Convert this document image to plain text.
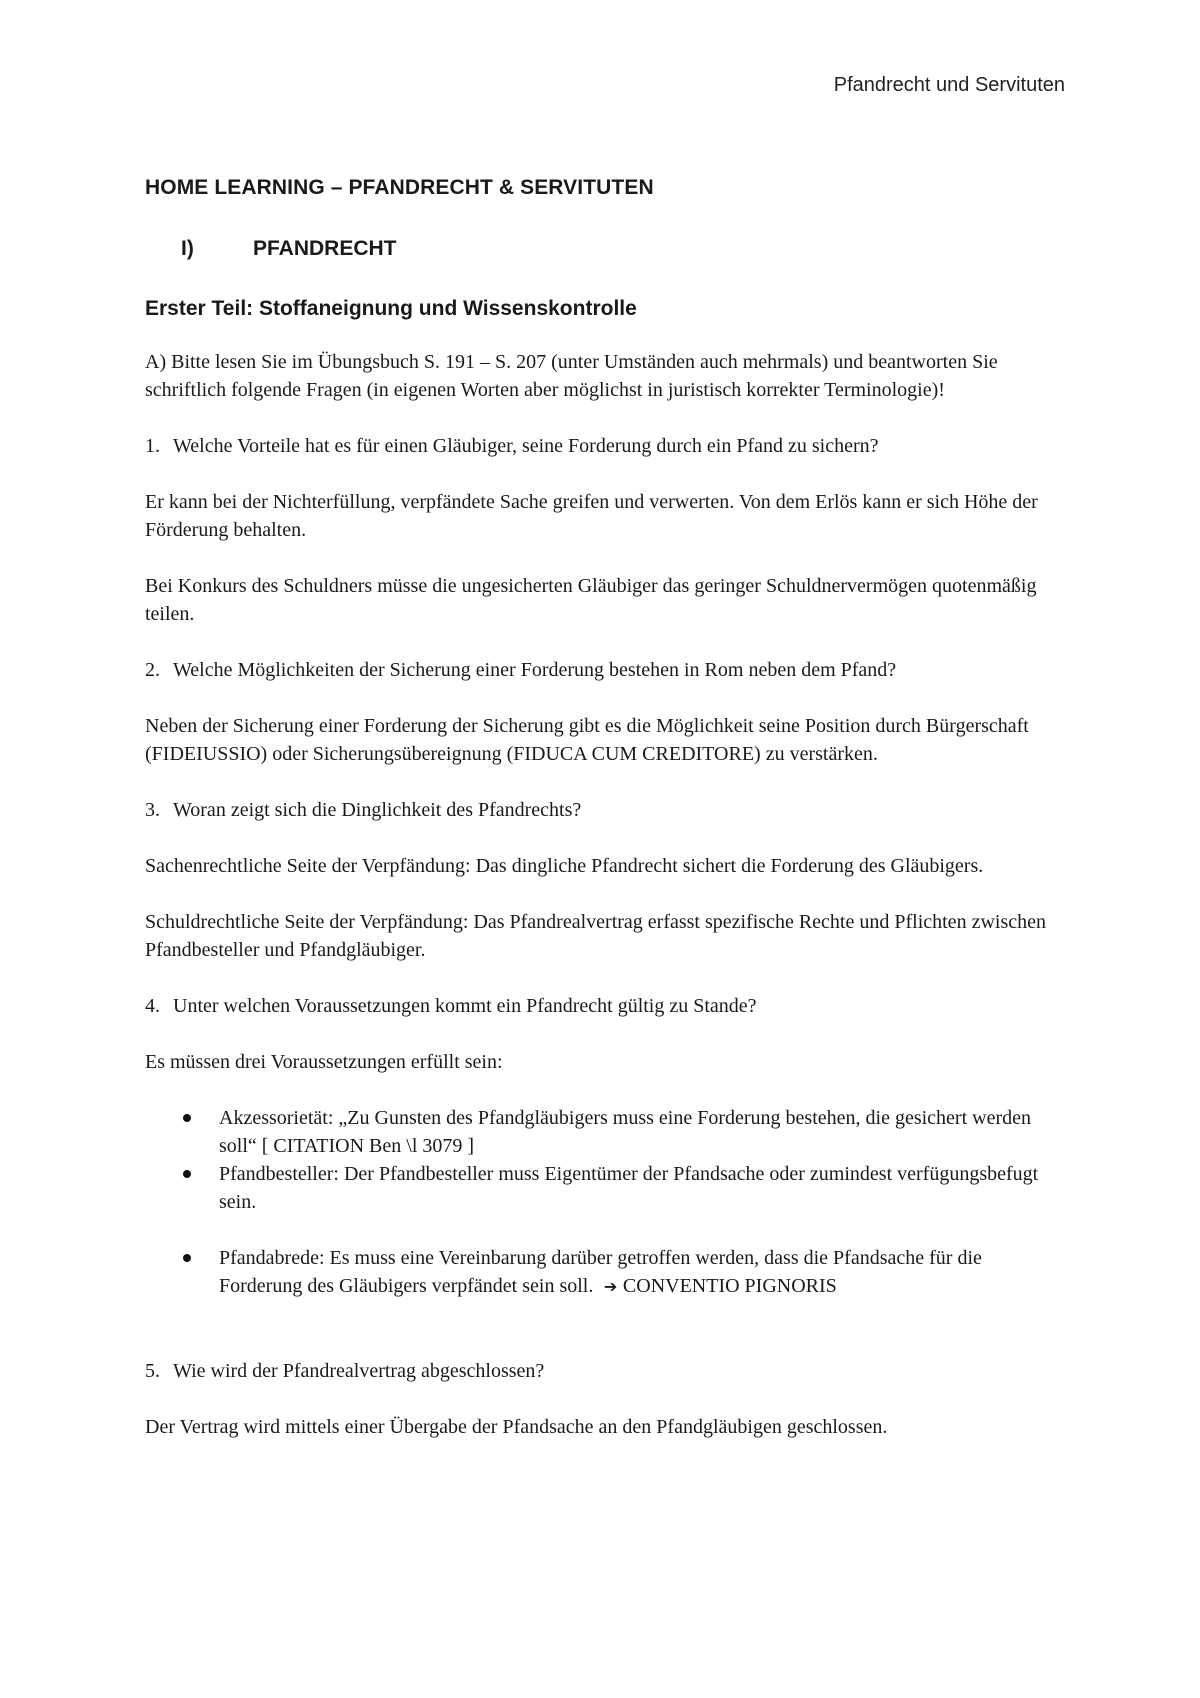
Pfandrecht und Servituten
HOME LEARNING – PFANDRECHT & SERVITUTEN
I)	PFANDRECHT
Erster Teil: Stoffaneignung und Wissenskontrolle

A) Bitte lesen Sie im Übungsbuch S. 191 – S. 207 (unter Umständen auch mehrmals) und beantworten Sie schriftlich folgende Fragen (in eigenen Worten aber möglichst in juristisch korrekter Terminologie)!

1. Welche Vorteile hat es für einen Gläubiger, seine Forderung durch ein Pfand zu sichern?

Er kann bei der Nichterfüllung, verpfändete Sache greifen und verwerten. Von dem Erlös kann er sich Höhe der Förderung behalten.

Bei Konkurs des Schuldners müsse die ungesicherten Gläubiger das geringer Schuldnervermögen quotenmäßig teilen.

2. Welche Möglichkeiten der Sicherung einer Forderung bestehen in Rom neben dem Pfand?

Neben der Sicherung einer Forderung der Sicherung gibt es die Möglichkeit seine Position durch Bürgerschaft (FIDEIUSSIO) oder Sicherungsübereignung (FIDUCA CUM CREDITORE) zu verstärken.

3. Woran zeigt sich die Dinglichkeit des Pfandrechts?

Sachenrechtliche Seite der Verpfändung: Das dingliche Pfandrecht sichert die Forderung des Gläubigers.

Schuldrechtliche Seite der Verpfändung: Das Pfandrealvertrag erfasst spezifische Rechte und Pflichten zwischen Pfandbesteller und Pfandgläubiger.

4. Unter welchen Voraussetzungen kommt ein Pfandrecht gültig zu Stande?

Es müssen drei Voraussetzungen erfüllt sein:

Akzessorietät: „Zu Gunsten des Pfandgläubigers muss eine Forderung bestehen, die gesichert werden soll“ [ CITATION Ben \l 3079 ]
Pfandbesteller: Der Pfandbesteller muss Eigentümer der Pfandsache oder zumindest verfügungsbefugt sein.
Pfandabrede: Es muss eine Vereinbarung darüber getroffen werden, dass die Pfandsache für die Forderung des Gläubigers verpfändet sein soll.  ➔ CONVENTIO PIGNORIS

5. Wie wird der Pfandrealvertrag abgeschlossen?

Der Vertrag wird mittels einer Übergabe der Pfandsache an den Pfandgläubigen geschlossen.
